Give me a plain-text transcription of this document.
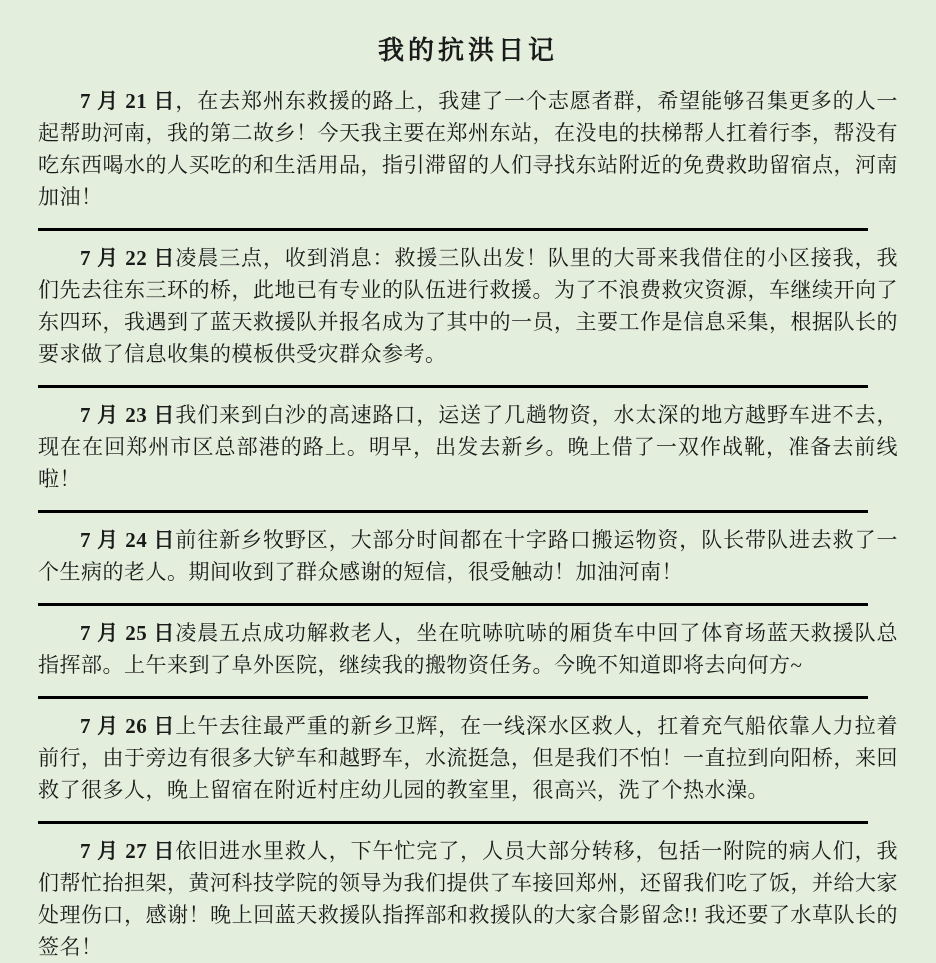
我的抗洪日记

7 月 21 日，在去郑州东救援的路上，我建了一个志愿者群，希望能够召集更多的人一起帮助河南，我的第二故乡！今天我主要在郑州东站，在没电的扶梯帮人扛着行李，帮没有吃东西喝水的人买吃的和生活用品，指引滞留的人们寻找东站附近的免费救助留宿点，河南加油！

7 月 22 日凌晨三点，收到消息：救援三队出发！队里的大哥来我借住的小区接我，我们先去往东三环的桥，此地已有专业的队伍进行救援。为了不浪费救灾资源，车继续开向了东四环，我遇到了蓝天救援队并报名成为了其中的一员，主要工作是信息采集，根据队长的要求做了信息收集的模板供受灾群众参考。

7 月 23 日我们来到白沙的高速路口，运送了几趟物资，水太深的地方越野车进不去，现在在回郑州市区总部港的路上。明早，出发去新乡。晚上借了一双作战靴，准备去前线啦！

7 月 24 日前往新乡牧野区，大部分时间都在十字路口搬运物资，队长带队进去救了一个生病的老人。期间收到了群众感谢的短信，很受触动！加油河南！

7 月 25 日凌晨五点成功解救老人，坐在吭哧吭哧的厢货车中回了体育场蓝天救援队总指挥部。上午来到了阜外医院，继续我的搬物资任务。今晚不知道即将去向何方~

7 月 26 日上午去往最严重的新乡卫辉，在一线深水区救人，扛着充气船依靠人力拉着前行，由于旁边有很多大铲车和越野车，水流挺急，但是我们不怕！一直拉到向阳桥，来回救了很多人，晚上留宿在附近村庄幼儿园的教室里，很高兴，洗了个热水澡。

7 月 27 日依旧进水里救人，下午忙完了，人员大部分转移，包括一附院的病人们，我们帮忙抬担架，黄河科技学院的领导为我们提供了车接回郑州，还留我们吃了饭，并给大家处理伤口，感谢！晚上回蓝天救援队指挥部和救援队的大家合影留念!! 我还要了水草队长的签名！
